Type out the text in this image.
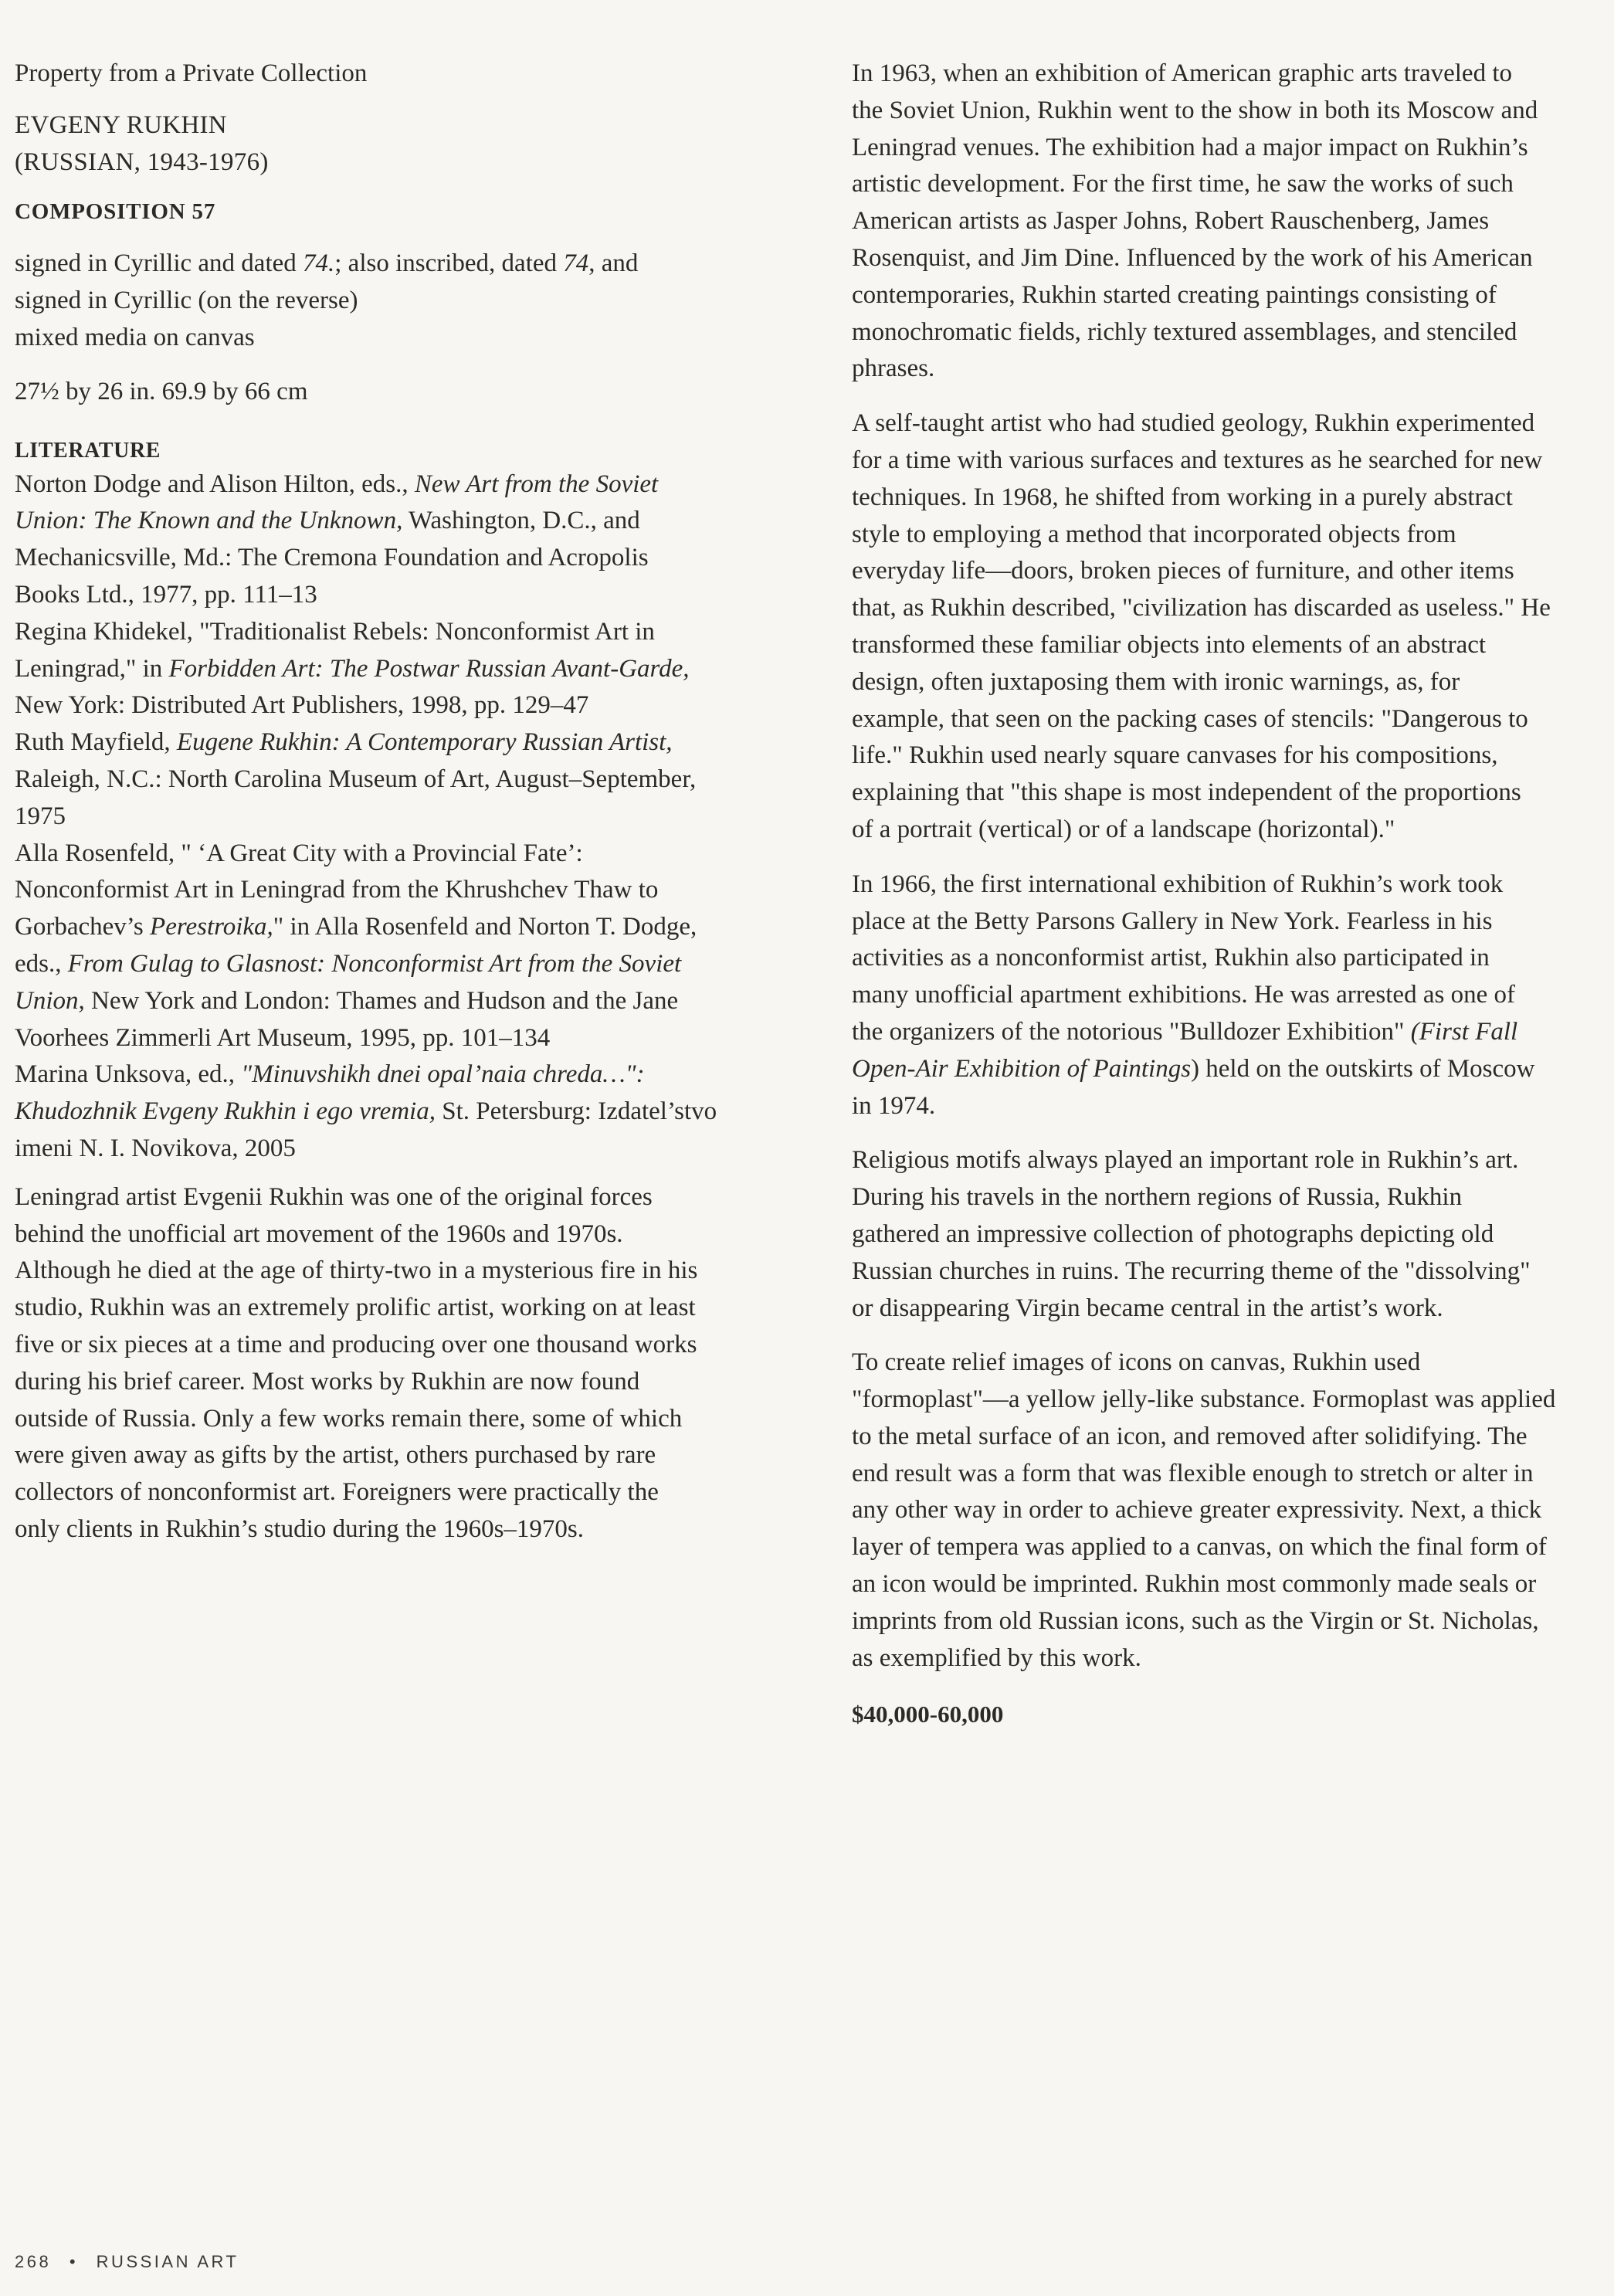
Property from a Private Collection

EVGENY RUKHIN

(RUSSIAN, 1943-1976)

COMPOSITION 57

signed in Cyrillic and dated 74.; also inscribed, dated 74, and
signed in Cyrillic (on the reverse)
mixed media on canvas

27½ by 26 in. 69.9 by 66 cm

LITERATURE

Norton Dodge and Alison Hilton, eds., New Art from the Soviet
Union: The Known and the Unknown, Washington, D.C., and
Mechanicsville, Md.: The Cremona Foundation and Acropolis
Books Ltd., 1977, pp. 111–13
Regina Khidekel, "Traditionalist Rebels: Nonconformist Art in
Leningrad," in Forbidden Art: The Postwar Russian Avant-Garde,
New York: Distributed Art Publishers, 1998, pp. 129–47
Ruth Mayfield, Eugene Rukhin: A Contemporary Russian Artist,
Raleigh, N.C.: North Carolina Museum of Art, August–September,
1975
Alla Rosenfeld, " ‘A Great City with a Provincial Fate’:
Nonconformist Art in Leningrad from the Khrushchev Thaw to
Gorbachev’s Perestroika," in Alla Rosenfeld and Norton T. Dodge,
eds., From Gulag to Glasnost: Nonconformist Art from the Soviet
Union, New York and London: Thames and Hudson and the Jane
Voorhees Zimmerli Art Museum, 1995, pp. 101–134
Marina Unksova, ed., "Minuvshikh dnei opal’naia chreda…":
Khudozhnik Evgeny Rukhin i ego vremia, St. Petersburg: Izdatel’stvo
imeni N. I. Novikova, 2005
Leningrad artist Evgenii Rukhin was one of the original forces
behind the unofficial art movement of the 1960s and 1970s.
Although he died at the age of thirty-two in a mysterious fire in his
studio, Rukhin was an extremely prolific artist, working on at least
five or six pieces at a time and producing over one thousand works
during his brief career. Most works by Rukhin are now found
outside of Russia. Only a few works remain there, some of which
were given away as gifts by the artist, others purchased by rare
collectors of nonconformist art. Foreigners were practically the
only clients in Rukhin’s studio during the 1960s–1970s.
In 1963, when an exhibition of American graphic arts traveled to
the Soviet Union, Rukhin went to the show in both its Moscow and
Leningrad venues. The exhibition had a major impact on Rukhin’s
artistic development. For the first time, he saw the works of such
American artists as Jasper Johns, Robert Rauschenberg, James
Rosenquist, and Jim Dine. Influenced by the work of his American
contemporaries, Rukhin started creating paintings consisting of
monochromatic fields, richly textured assemblages, and stenciled
phrases.
A self-taught artist who had studied geology, Rukhin experimented
for a time with various surfaces and textures as he searched for new
techniques. In 1968, he shifted from working in a purely abstract
style to employing a method that incorporated objects from
everyday life—doors, broken pieces of furniture, and other items
that, as Rukhin described, "civilization has discarded as useless." He
transformed these familiar objects into elements of an abstract
design, often juxtaposing them with ironic warnings, as, for
example, that seen on the packing cases of stencils: "Dangerous to
life." Rukhin used nearly square canvases for his compositions,
explaining that "this shape is most independent of the proportions
of a portrait (vertical) or of a landscape (horizontal)."
In 1966, the first international exhibition of Rukhin’s work took
place at the Betty Parsons Gallery in New York. Fearless in his
activities as a nonconformist artist, Rukhin also participated in
many unofficial apartment exhibitions. He was arrested as one of
the organizers of the notorious "Bulldozer Exhibition" (First Fall
Open-Air Exhibition of Paintings) held on the outskirts of Moscow
in 1974.
Religious motifs always played an important role in Rukhin’s art.
During his travels in the northern regions of Russia, Rukhin
gathered an impressive collection of photographs depicting old
Russian churches in ruins. The recurring theme of the "dissolving"
or disappearing Virgin became central in the artist’s work.
To create relief images of icons on canvas, Rukhin used
"formoplast"—a yellow jelly-like substance. Formoplast was applied
to the metal surface of an icon, and removed after solidifying. The
end result was a form that was flexible enough to stretch or alter in
any other way in order to achieve greater expressivity. Next, a thick
layer of tempera was applied to a canvas, on which the final form of
an icon would be imprinted. Rukhin most commonly made seals or
imprints from old Russian icons, such as the Virgin or St. Nicholas,
as exemplified by this work.

$40,000-60,000

268 • RUSSIAN ART
